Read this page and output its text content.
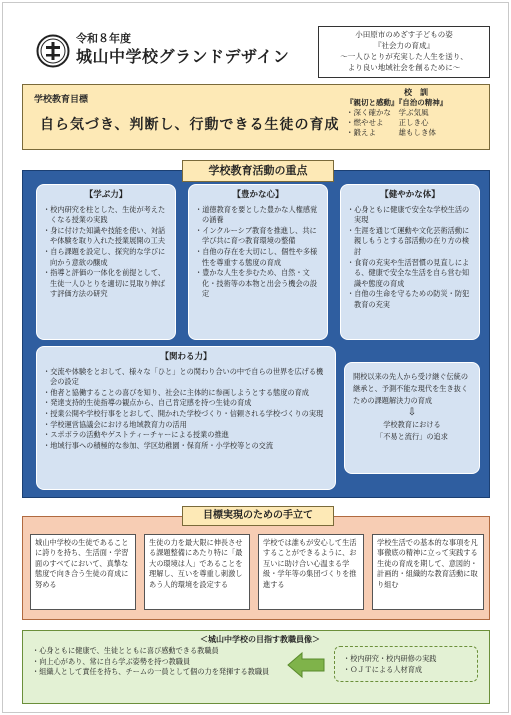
令和８年度
城山中学校グランドデザイン
小田原市のめざす子どもの姿
『社会力の育成』
～一人ひとりが充実した人生を送り、
より良い地域社会を創るために～
学校教育目標
自ら気づき、判断し、行動できる生徒の育成
校　訓
『親切と感動』『自治の精神』
・深く確かな　学ぶ気風
・燃やせよ　　正しき心
・鍛えよ　　　雄もしき体
学校教育活動の重点
【学ぶ力】
・校内研究を柱とした、生徒が考えたくなる授業の実践
・身に付けた知識や技能を使い、対話や体験を取り入れた授業展開の工夫
・自ら課題を設定し、探究的な学びに向かう意欲の醸成
・指導と評価の一体化を前提として、生徒一人ひとりを適切に見取り伸ばす評価方法の研究
【豊かな心】
・道徳教育を要とした豊かな人権感覚の涵養
・インクルーシブ教育を推進し、共に学び共に育つ教育環境の整備
・自他の存在を大切にし、個性や多様性を尊重する態度の育成
・豊かな人生を歩むため、自然・文化・技術等の本物と出会う機会の設定
【健やかな体】
・心身ともに健康で安全な学校生活の実現
・生涯を通じて運動や文化芸術活動に親しもうとする部活動の在り方の検討
・食育の充実や生活習慣の見直しによる、健康で安全な生活を自ら営む知識や態度の育成
・自他の生命を守るための防災・防犯教育の充実
【関わる力】
・交流や体験をとおして、様々な「ひと」との関わり合いの中で自らの世界を広げる機会の設定
・他者と協働することの喜びを知り、社会に主体的に参画しようとする態度の育成
・発達支持的生徒指導の観点から、自己肯定感を持つ生徒の育成
・授業公開や学校行事をとおして、開かれた学校づくり・信頼される学校づくりの実現
・学校運営協議会における地域教育力の活用
・スポボラの活動やゲストティーチャーによる授業の推進
・地域行事への積極的な参加、学区幼稚園・保育所・小学校等との交流
開校以来の先人から受け継ぐ伝統の継承と、予測不能な現代を生き抜くための課題解決力の育成
⇩
学校教育における
「不易と流行」の追求
目標実現のための手立て
城山中学校の生徒であることに誇りを持ち、生活面・学習面のすべてにおいて、真摯な態度で向き合う生徒の育成に努める
生徒の力を最大限に伸長させる課題整備にあたり特に「最大の環境は人」であることを理解し、互いを尊重し刺激しあう人的環境を設定する
学校では誰もが安心して生活することができるように、お互いに助け合い心温まる学級・学年等の集団づくりを推進する
学校生活での基本的な事項を凡事徹底の精神に立って実践する生徒の育成を期して、意図的・計画的・組織的な教育活動に取り組む
＜城山中学校の目指す教職員像＞
・心身ともに健康で、生徒とともに喜び感動できる教職員
・向上心があり、常に自ら学ぶ姿勢を持つ教職員
・組織人として責任を持ち、チームの一員として個の力を発揮する教職員
・校内研究・校内研修の実践
・ＯＪＴによる人材育成
